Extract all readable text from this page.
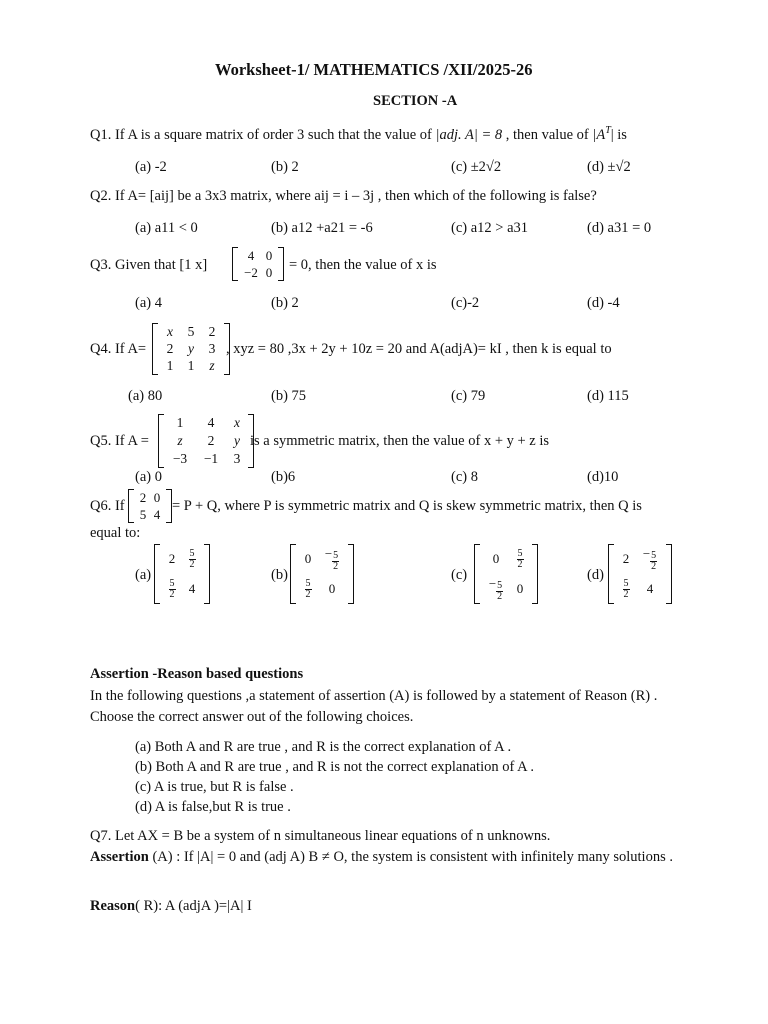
Worksheet-1/ MATHEMATICS /XII/2025-26
SECTION -A
Q1. If A is a square matrix of order 3 such that the value of |adj. A| = 8 , then value of $|A^T|$ is
(a) -2	(b) 2	(c) ±2√2	(d) ±√2
Q2. If A= [aij] be a 3x3 matrix, where aij = i – 3j , then which of the following is false?
(a) a11 < 0	(b) a12 +a21 = -6	(c) a12 > a31	(d) a31 = 0
Q3. Given that [1 x]
4 0
−2 0 = 0, then the value of x is
(a) 4	(b) 2	(c)-2	(d) -4
Q4. If A=
x 5 2
2 y 3
1 1 z
, xyz = 80 ,3x + 2y + 10z = 20 and A(adjA)= kI , then k is equal to
(a) 80	(b) 75	(c) 79	(d) 115
Q5. If A =
1 4 x
z 2 y
−3 −1 3
is a symmetric matrix, then the value of x + y + z is
(a) 0	(b)6	(c) 8	(d)10
Q6. If
2 0
5 4 = P + Q, where P is symmetric matrix and Q is skew symmetric matrix, then Q is
equal to:
(a)
$2 \frac{5}{2}$
$\frac{5}{2} 4$
(b)
$0 - \frac{5}{2}$
$\frac{5}{2} 0$
(c)
$0 \frac{5}{2}$
− $\frac{5}{2} 0$
(d)
$2 - \frac{5}{2}$
$\frac{5}{2} 4$
Assertion -Reason based questions
In the following questions ,a statement of assertion (A) is followed by a statement of Reason (R) . Choose the correct answer out of the following choices.
(a) Both A and R are true , and R is the correct explanation of A .
(b) Both A and R are true , and R is not the correct explanation of A .
(c) A is true, but R is false .
(d) A is false,but R is true .
Q7. Let AX = B be a system of n simultaneous linear equations of n unknowns.
Assertion (A) : If |A| = 0 and (adj A) B ≠ O, the system is consistent with infinitely many solutions .
Reason( R): A (adjA )=|A| I
